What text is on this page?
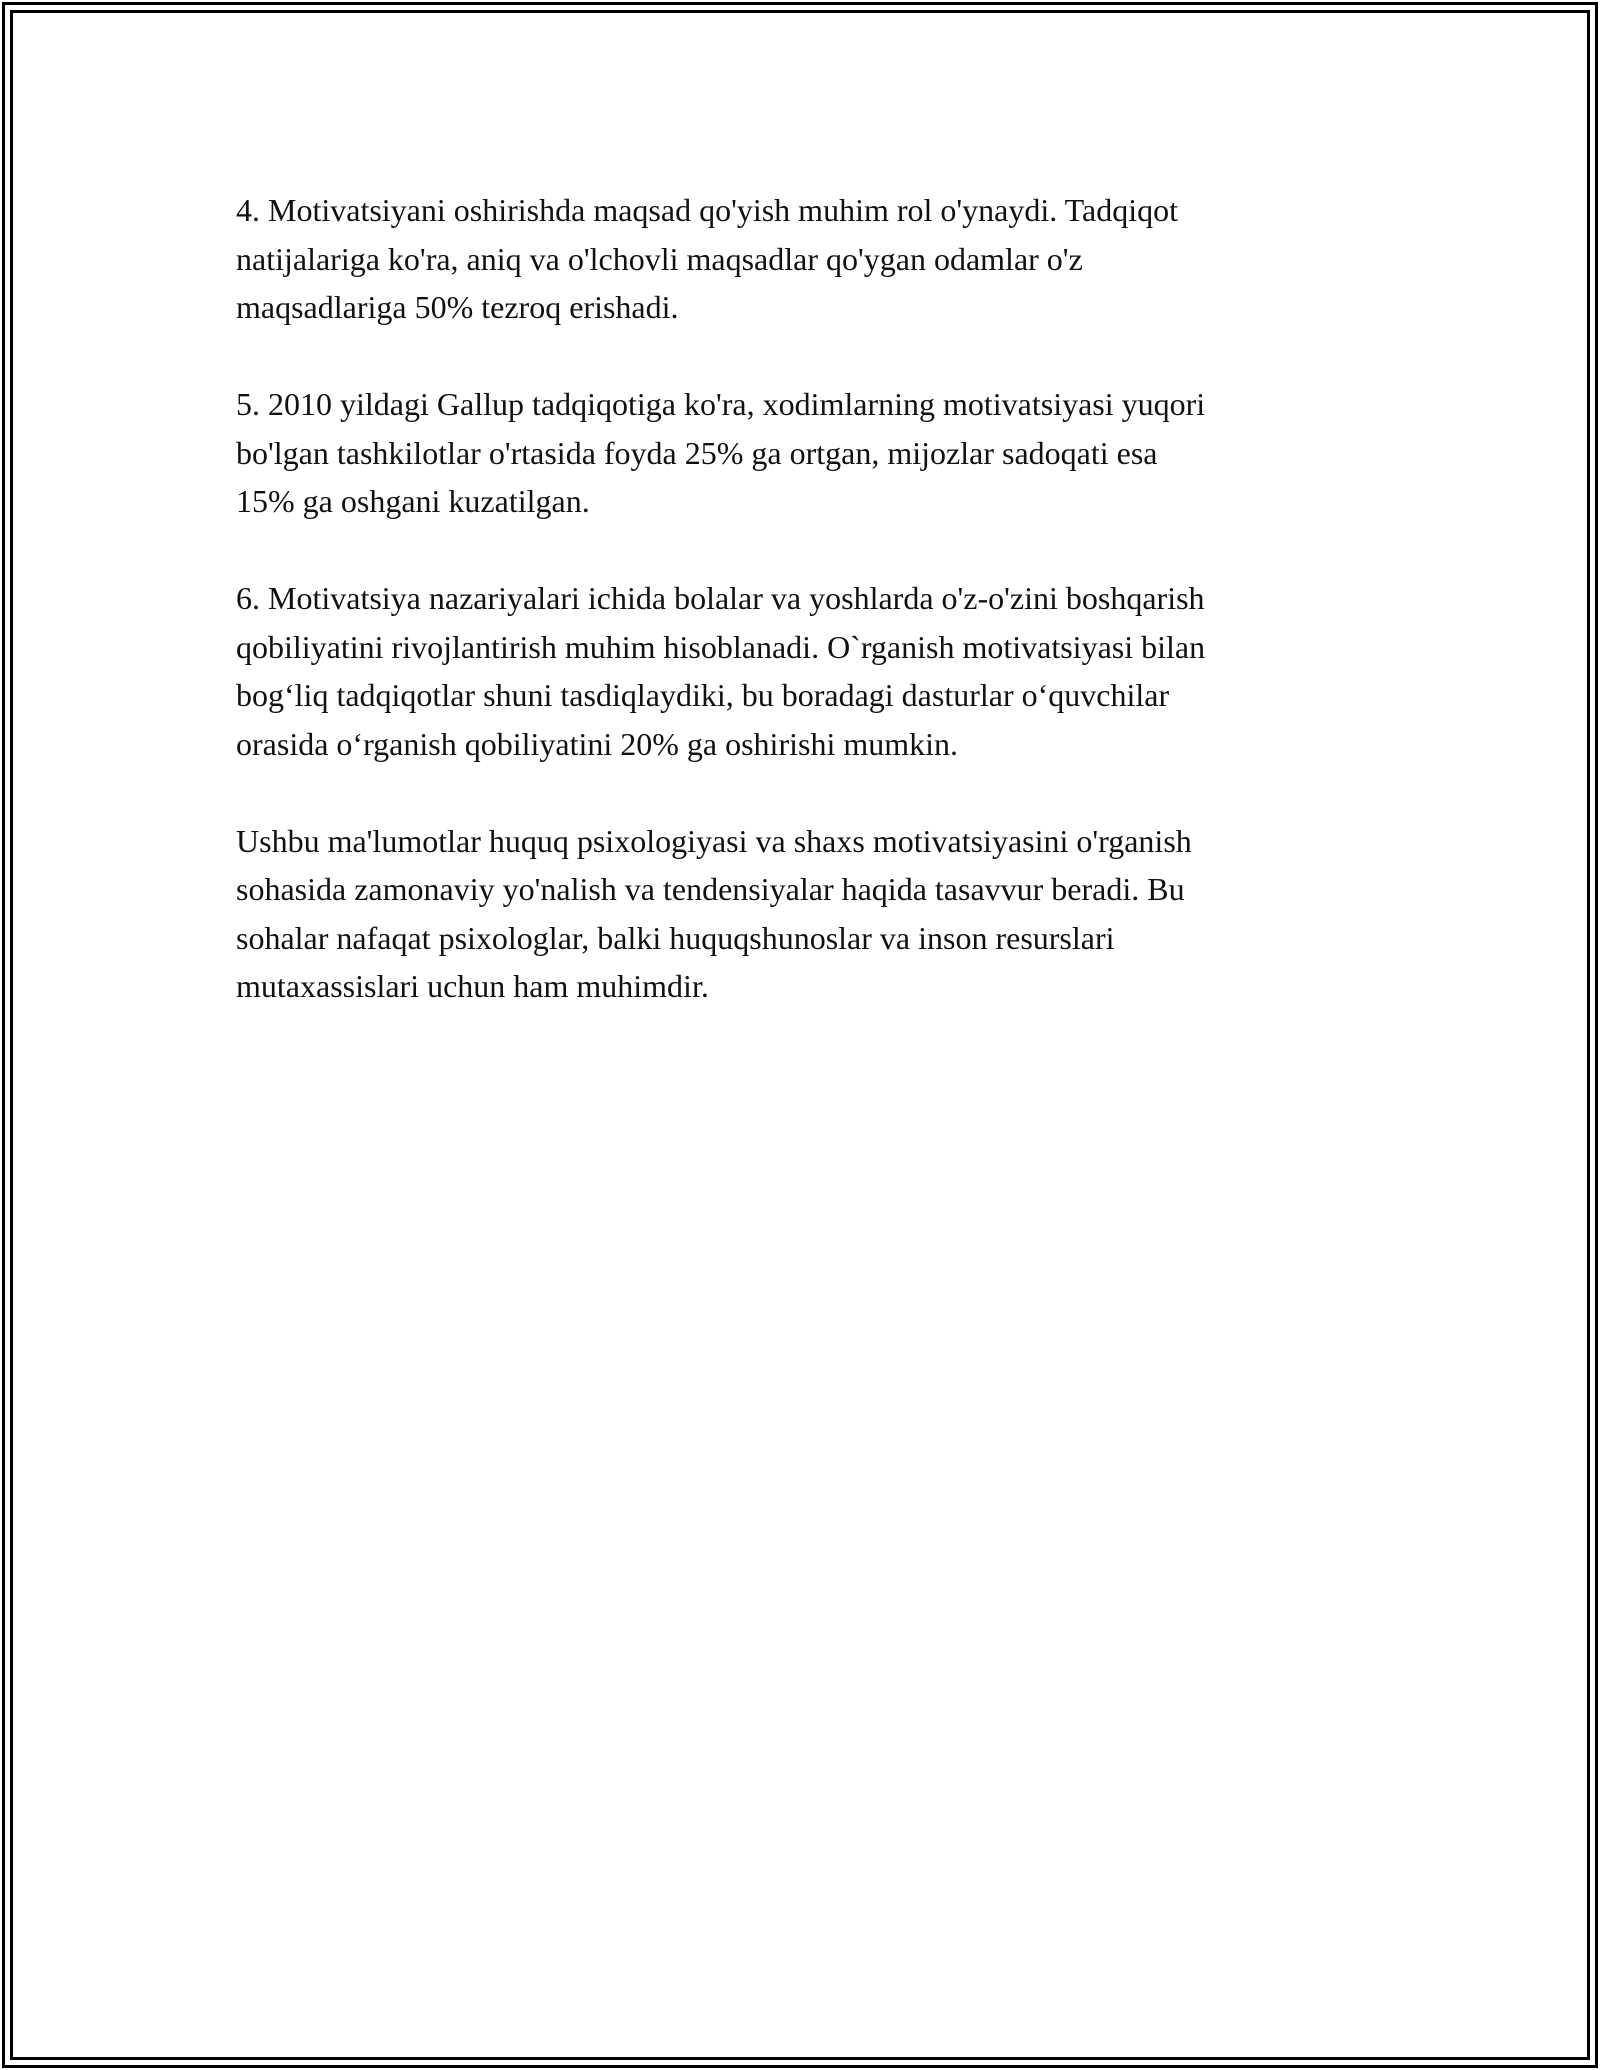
4. Motivatsiyani oshirishda maqsad qo'yish muhim rol o'ynaydi. Tadqiqot
natijalariga ko'ra, aniq va o'lchovli maqsadlar qo'ygan odamlar o'z
maqsadlariga 50% tezroq erishadi.

5. 2010 yildagi Gallup tadqiqotiga ko'ra, xodimlarning motivatsiyasi yuqori
bo'lgan tashkilotlar o'rtasida foyda 25% ga ortgan, mijozlar sadoqati esa
15% ga oshgani kuzatilgan.

6. Motivatsiya nazariyalari ichida bolalar va yoshlarda o'z-o'zini boshqarish
qobiliyatini rivojlantirish muhim hisoblanadi. O`rganish motivatsiyasi bilan
bog‘liq tadqiqotlar shuni tasdiqlaydiki, bu boradagi dasturlar o‘quvchilar
orasida o‘rganish qobiliyatini 20% ga oshirishi mumkin.

Ushbu ma'lumotlar huquq psixologiyasi va shaxs motivatsiyasini o'rganish
sohasida zamonaviy yo'nalish va tendensiyalar haqida tasavvur beradi. Bu
sohalar nafaqat psixologlar, balki huquqshunoslar va inson resurslari
mutaxassislari uchun ham muhimdir.
